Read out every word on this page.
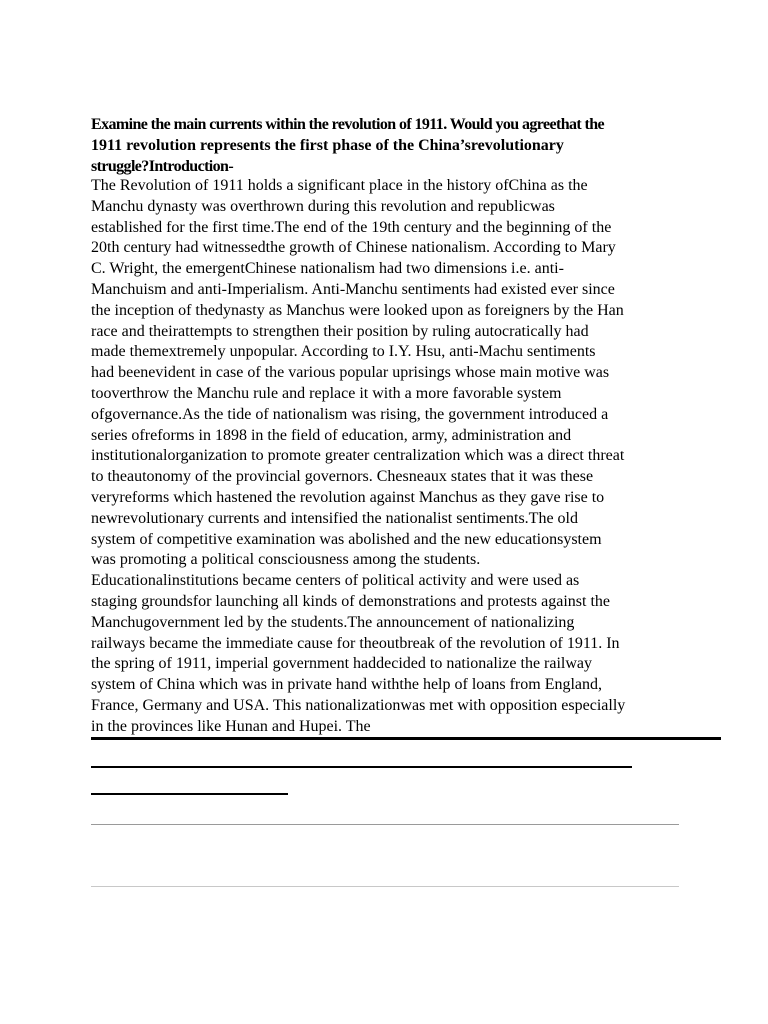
Examine the main currents within the revolution of 1911. Would you agreethat the
1911 revolution represents the first phase of the China’srevolutionary
struggle?Introduction-
The Revolution of 1911 holds a significant place in the history ofChina as the
Manchu dynasty was overthrown during this revolution and republicwas
established for the first time.The end of the 19th century and the beginning of the
20th century had witnessedthe growth of Chinese nationalism. According to Mary
C. Wright, the emergentChinese nationalism had two dimensions i.e. anti-
Manchuism and anti-Imperialism. Anti-Manchu sentiments had existed ever since
the inception of thedynasty as Manchus were looked upon as foreigners by the Han
race and theirattempts to strengthen their position by ruling autocratically had
made themextremely unpopular. According to I.Y. Hsu, anti-Machu sentiments
had beenevident in case of the various popular uprisings whose main motive was
tooverthrow the Manchu rule and replace it with a more favorable system
ofgovernance.As the tide of nationalism was rising, the government introduced a
series ofreforms in 1898 in the field of education, army, administration and
institutionalorganization to promote greater centralization which was a direct threat
to theautonomy of the provincial governors. Chesneaux states that it was these
veryreforms which hastened the revolution against Manchus as they gave rise to
newrevolutionary currents and intensified the nationalist sentiments.The old
system of competitive examination was abolished and the new educationsystem
was promoting a political consciousness among the students.
Educationalinstitutions became centers of political activity and were used as
staging groundsfor launching all kinds of demonstrations and protests against the
Manchugovernment led by the students.The announcement of nationalizing
railways became the immediate cause for theoutbreak of the revolution of 1911. In
the spring of 1911, imperial government haddecided to nationalize the railway
system of China which was in private hand withthe help of loans from England,
France, Germany and USA. This nationalizationwas met with opposition especially
in the provinces like Hunan and Hupei. The
